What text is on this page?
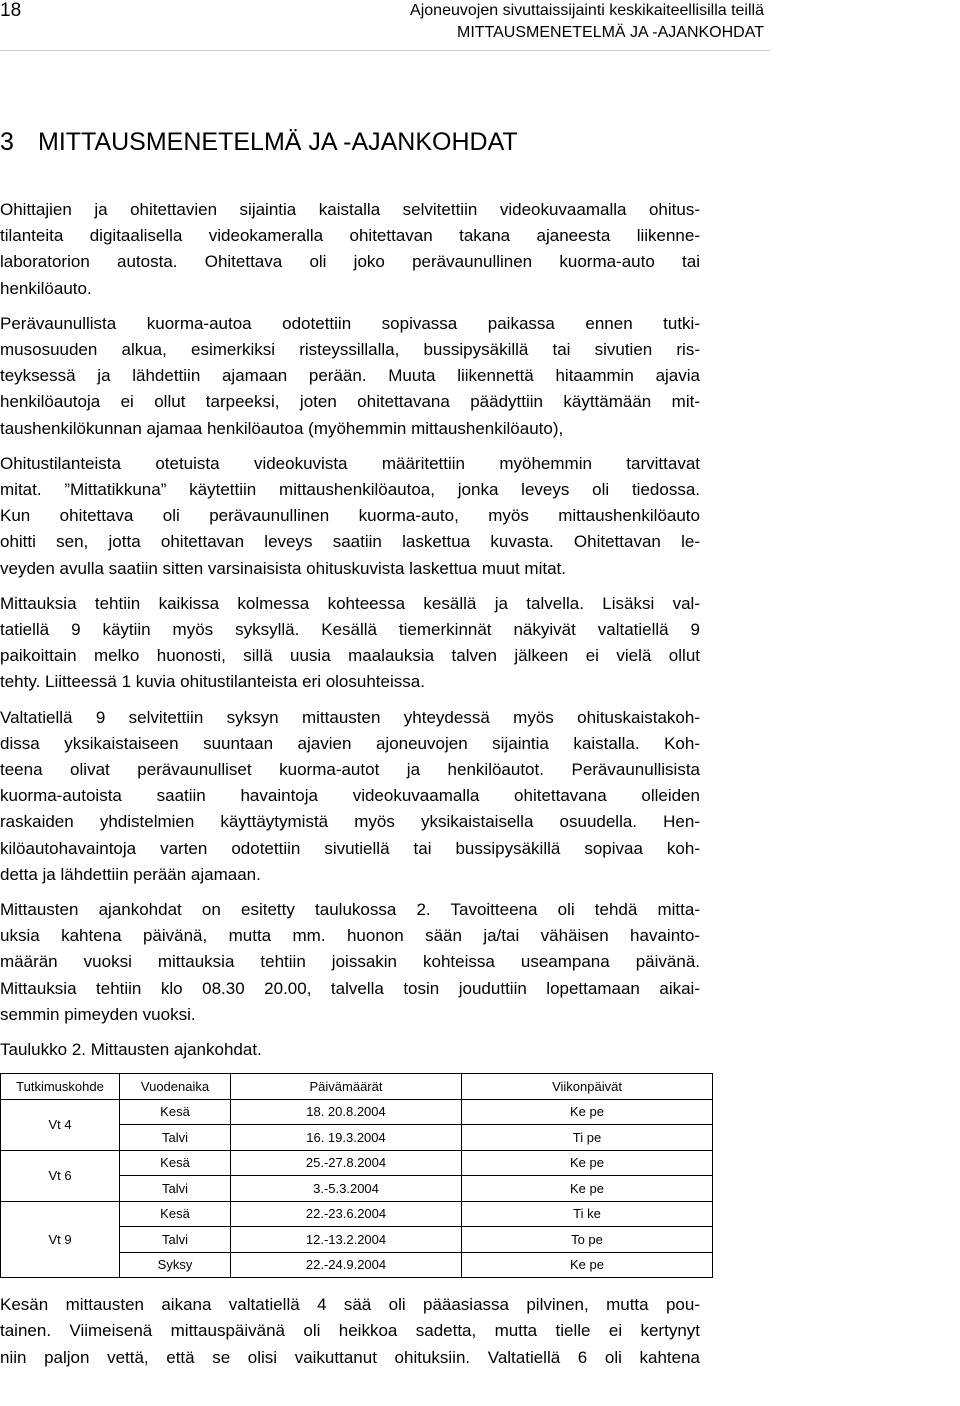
18	Ajoneuvojen sivuttaissijainti keskikaiteellisilla teillä
MITTAUSMENETELMÄ JA -AJANKOHDAT
3 MITTAUSMENETELMÄ JA -AJANKOHDAT
Ohittajien ja ohitettavien sijaintia kaistalla selvitettiin videokuvaamalla ohitus-
tilanteita digitaalisella videokameralla ohitettavan takana ajaneesta liikenne-
laboratorion autosta. Ohitettava oli joko perävaunullinen kuorma-auto tai
henkilöauto.
Perävaunullista kuorma-autoa odotettiin sopivassa paikassa ennen tutki-
musosuuden alkua, esimerkiksi risteyssillalla, bussipysäkillä tai sivutien ris-
teyksessä ja lähdettiin ajamaan perään. Muuta liikennettä hitaammin ajavia
henkilöautoja ei ollut tarpeeksi, joten ohitettavana päädyttiin käyttämään mit-
taushenkilökunnan ajamaa henkilöautoa (myöhemmin mittaushenkilöauto),
Ohitustilanteista otetuista videokuvista määritettiin myöhemmin tarvittavat
mitat. ”Mittatikkuna” käytettiin mittaushenkilöautoa, jonka leveys oli tiedossa.
Kun ohitettava oli perävaunullinen kuorma-auto, myös mittaushenkilöauto
ohitti sen, jotta ohitettavan leveys saatiin laskettua kuvasta. Ohitettavan le-
veyden avulla saatiin sitten varsinaisista ohituskuvista laskettua muut mitat.
Mittauksia tehtiin kaikissa kolmessa kohteessa kesällä ja talvella. Lisäksi val-
tatiellä 9 käytiin myös syksyllä. Kesällä tiemerkinnät näkyivät valtatiellä 9
paikoittain melko huonosti, sillä uusia maalauksia talven jälkeen ei vielä ollut
tehty. Liitteessä 1 kuvia ohitustilanteista eri olosuhteissa.
Valtatiellä 9 selvitettiin syksyn mittausten yhteydessä myös ohituskaistakoh-
dissa yksikaistaiseen suuntaan ajavien ajoneuvojen sijaintia kaistalla. Koh-
teena olivat perävaunulliset kuorma-autot ja henkilöautot. Perävaunullisista
kuorma-autoista saatiin havaintoja videokuvaamalla ohitettavana olleiden
raskaiden yhdistelmien käyttäytymistä myös yksikaistaisella osuudella. Hen-
kilöautohavaintoja varten odotettiin sivutiellä tai bussipysäkillä sopivaa koh-
detta ja lähdettiin perään ajamaan.
Mittausten ajankohdat on esitetty taulukossa 2. Tavoitteena oli tehdä mitta-
uksia kahtena päivänä, mutta mm. huonon sään ja/tai vähäisen havainto-
määrän vuoksi mittauksia tehtiin joissakin kohteissa useampana päivänä.
Mittauksia tehtiin klo 08.30 20.00, talvella tosin jouduttiin lopettamaan aikai-
semmin pimeyden vuoksi.
Taulukko 2. Mittausten ajankohdat.
Tutkimuskohde	Vuodenaika	Päivämäärät	Viikonpäivät
Vt 4	Kesä	18. 20.8.2004	Ke pe
	Talvi	16. 19.3.2004	Ti pe
Vt 6	Kesä	25.-27.8.2004	Ke pe
	Talvi	3.-5.3.2004	Ke pe
Vt 9	Kesä	22.-23.6.2004	Ti ke
	Talvi	12.-13.2.2004	To pe
	Syksy	22.-24.9.2004	Ke pe
Kesän mittausten aikana valtatiellä 4 sää oli pääasiassa pilvinen, mutta pou-
tainen. Viimeisenä mittauspäivänä oli heikkoa sadetta, mutta tielle ei kertynyt
niin paljon vettä, että se olisi vaikuttanut ohituksiin. Valtatiellä 6 oli kahtena
